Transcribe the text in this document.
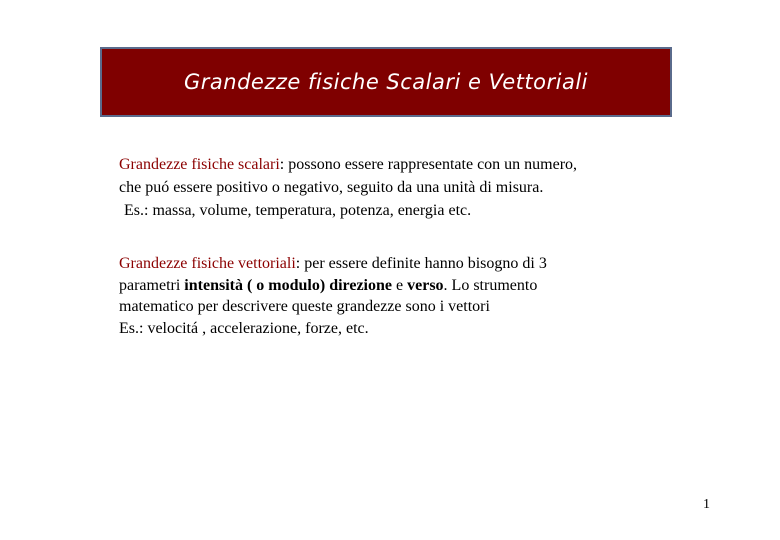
Grandezze fisiche Scalari e Vettoriali
Grandezze fisiche scalari: possono essere rappresentate con un numero,
che puó essere positivo o negativo, seguito da una unità di misura.
Es.: massa, volume, temperatura, potenza, energia etc.
Grandezze fisiche vettoriali: per essere definite hanno bisogno di 3
parametri intensità ( o modulo) direzione e verso. Lo strumento
matematico per descrivere queste grandezze sono i vettori
Es.: velocitá , accelerazione, forze, etc.
1
